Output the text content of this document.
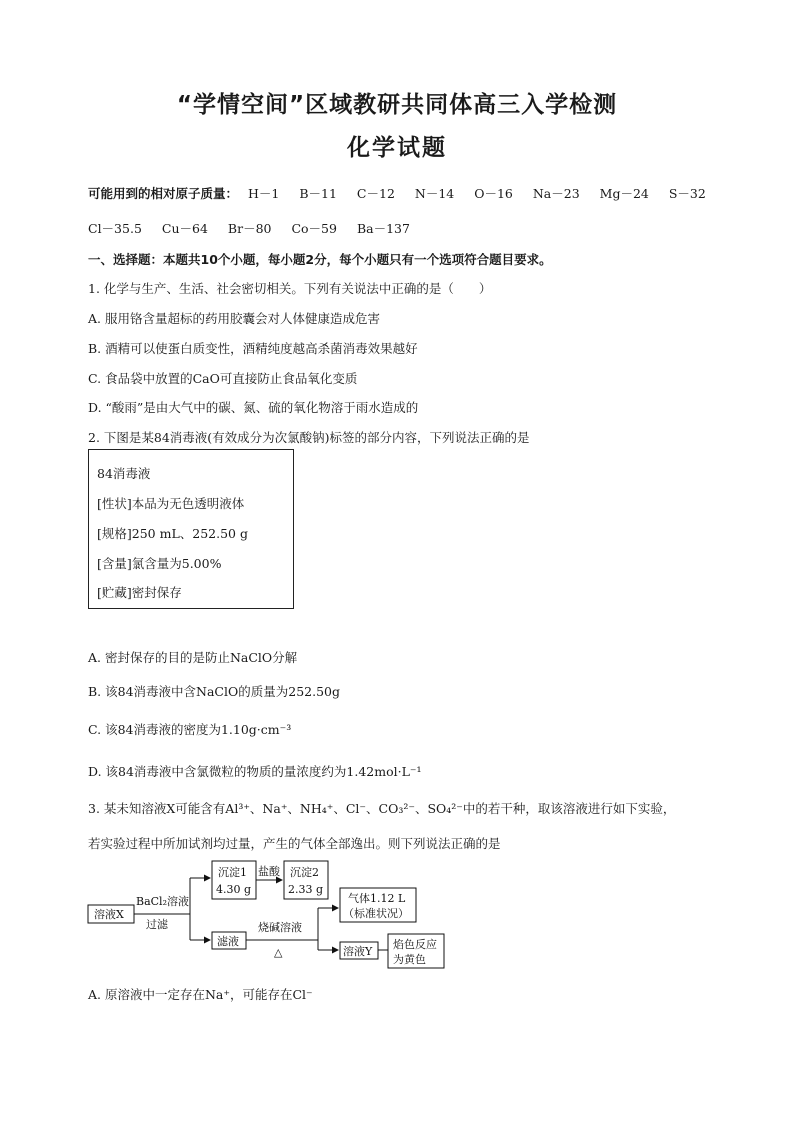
“学情空间”区域教研共同体高三入学检测
化学试题
可能用到的相对原子质量： H－1 B－11 C－12 N－14 O－16 Na－23 Mg－24 S－32
Cl－35.5 Cu－64 Br－80 Co－59 Ba－137
一、选择题：本题共10个小题，每小题2分，每个小题只有一个选项符合题目要求。
1. 化学与生产、生活、社会密切相关。下列有关说法中正确的是（　　）
A. 服用铬含量超标的药用胶囊会对人体健康造成危害
B. 酒精可以使蛋白质变性，酒精纯度越高杀菌消毒效果越好
C. 食品袋中放置的CaO可直接防止食品氧化变质
D. “酸雨”是由大气中的碳、氮、硫的氧化物溶于雨水造成的
2. 下图是某84消毒液(有效成分为次氯酸钠)标签的部分内容，下列说法正确的是
84消毒液
[性状]本品为无色透明液体
[规格]250 mL、252.50 g
[含量]氯含量为5.00%
[贮藏]密封保存
A. 密封保存的目的是防止NaClO分解
B. 该84消毒液中含NaClO的质量为252.50g
C. 该84消毒液的密度为1.10g·cm⁻³
D. 该84消毒液中含氯微粒的物质的量浓度约为1.42mol·L⁻¹
3. 某未知溶液X可能含有Al³⁺、Na⁺、NH₄⁺、Cl⁻、CO₃²⁻、SO₄²⁻中的若干种，取该溶液进行如下实验，
若实验过程中所加试剂均过量，产生的气体全部逸出。则下列说法正确的是
溶液X
BaCl₂溶液
过滤
沉淀1
4.30 g
盐酸 沉淀2
2.33 g
滤液
烧碱溶液
△
气体1.12 L
（标准状况）
溶液Y
焰色反应
为黄色
A. 原溶液中一定存在Na⁺，可能存在Cl⁻
